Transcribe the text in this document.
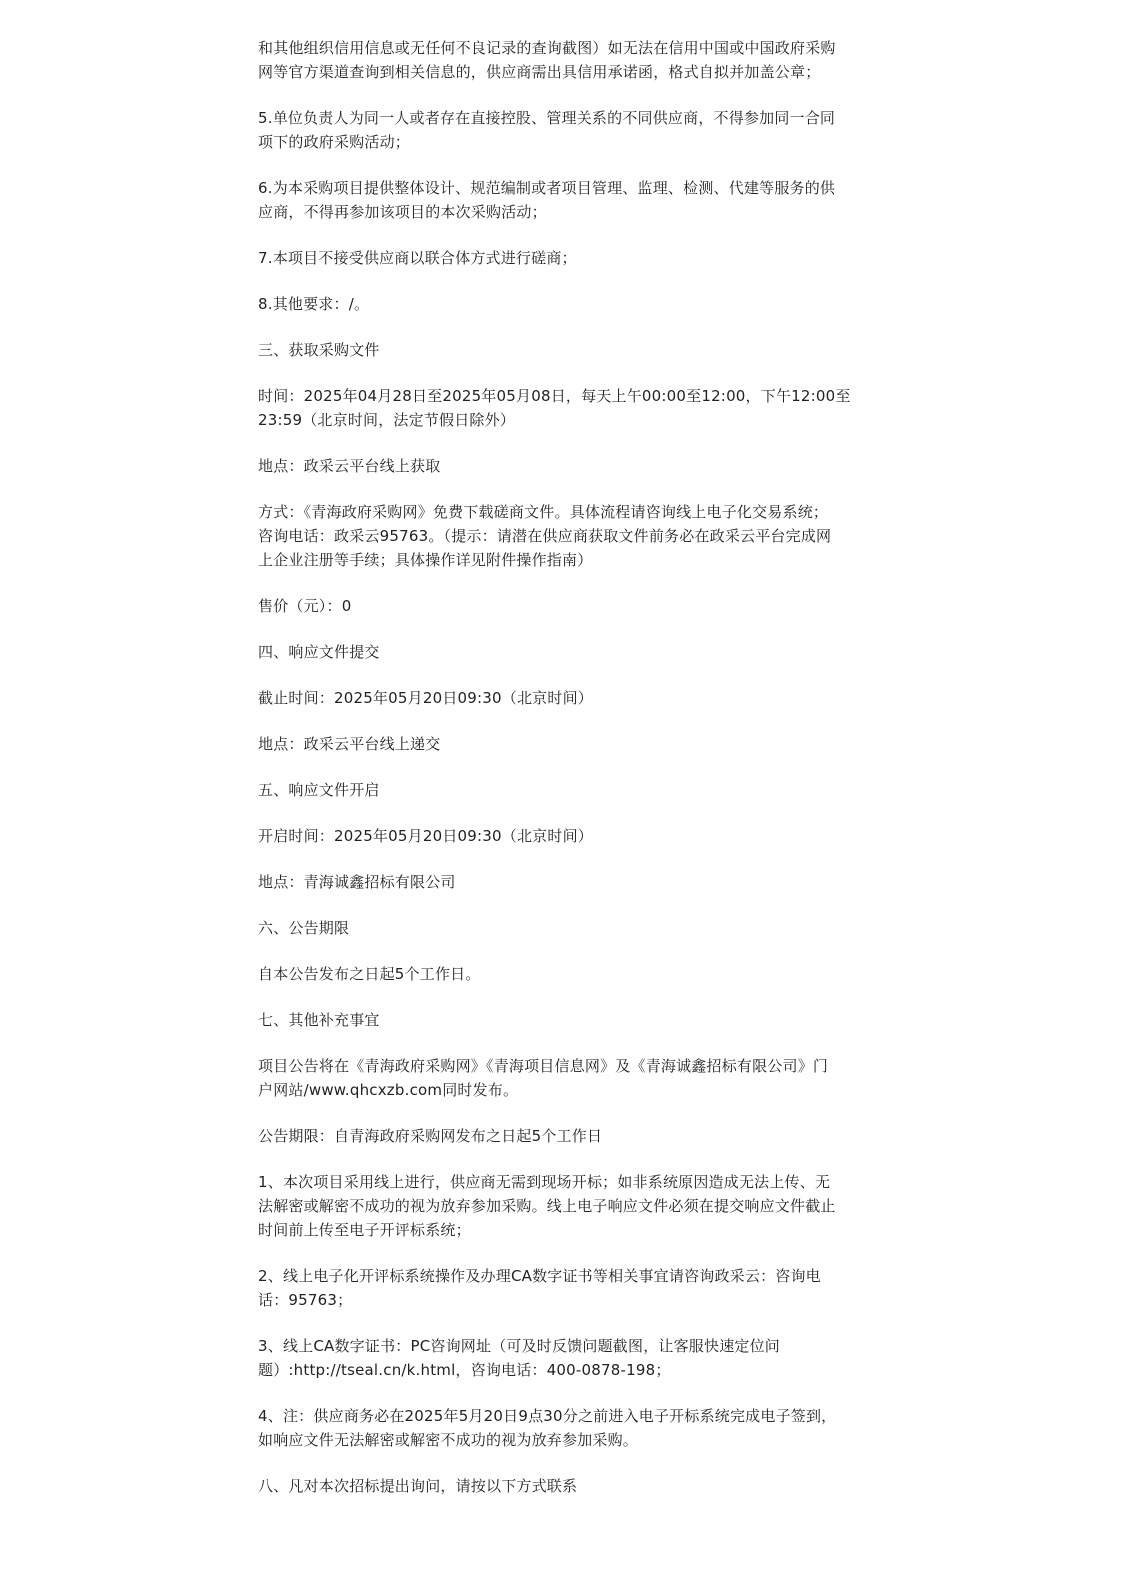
和其他组织信用信息或无任何不良记录的查询截图）如无法在信用中国或中国政府采购
网等官方渠道查询到相关信息的，供应商需出具信用承诺函，格式自拟并加盖公章；
5.单位负责人为同一人或者存在直接控股、管理关系的不同供应商，不得参加同一合同
项下的政府采购活动；
6.为本采购项目提供整体设计、规范编制或者项目管理、监理、检测、代建等服务的供
应商，不得再参加该项目的本次采购活动；
7.本项目不接受供应商以联合体方式进行磋商；
8.其他要求：/。
三、获取采购文件
时间：2025年04月28日至2025年05月08日，每天上午00:00至12:00，下午12:00至
23:59（北京时间，法定节假日除外）
地点：政采云平台线上获取
方式：《青海政府采购网》免费下载磋商文件。具体流程请咨询线上电子化交易系统；
咨询电话：政采云95763。（提示：请潜在供应商获取文件前务必在政采云平台完成网
上企业注册等手续；具体操作详见附件操作指南）
售价（元）：0
四、响应文件提交
截止时间：2025年05月20日09:30（北京时间）
地点：政采云平台线上递交
五、响应文件开启
开启时间：2025年05月20日09:30（北京时间）
地点：青海诚鑫招标有限公司
六、公告期限
自本公告发布之日起5个工作日。
七、其他补充事宜
项目公告将在《青海政府采购网》《青海项目信息网》及《青海诚鑫招标有限公司》门
户网站/www.qhcxzb.com同时发布。
公告期限：自青海政府采购网发布之日起5个工作日
1、本次项目采用线上进行，供应商无需到现场开标；如非系统原因造成无法上传、无
法解密或解密不成功的视为放弃参加采购。线上电子响应文件必须在提交响应文件截止
时间前上传至电子开评标系统；
2、线上电子化开评标系统操作及办理CA数字证书等相关事宜请咨询政采云：咨询电
话：95763；
3、线上CA数字证书：PC咨询网址（可及时反馈问题截图，让客服快速定位问
题）:http://tseal.cn/k.html，咨询电话：400-0878-198；
4、注：供应商务必在2025年5月20日9点30分之前进入电子开标系统完成电子签到，
如响应文件无法解密或解密不成功的视为放弃参加采购。
八、凡对本次招标提出询问，请按以下方式联系
